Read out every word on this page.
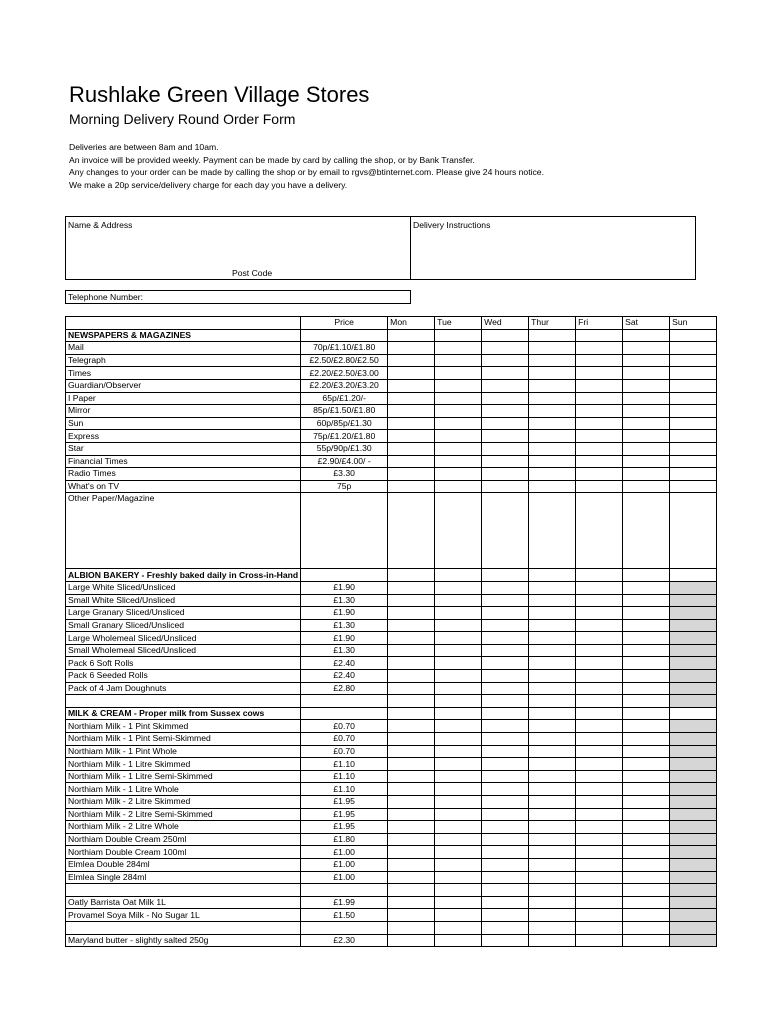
Rushlake Green Village Stores
Morning Delivery Round Order Form
Deliveries are between 8am and 10am.
An invoice will be provided weekly. Payment can be made by card by calling the shop, or by Bank Transfer.
Any changes to your order can be made by calling the shop or by email to rgvs@btinternet.com. Please give 24 hours notice.
We make a 20p service/delivery charge for each day you have a delivery.
Name & Address
Post Code
Delivery Instructions
Telephone Number:
	Price	Mon	Tue	Wed	Thur	Fri	Sat	Sun
NEWSPAPERS & MAGAZINES								
Mail	70p/£1.10/£1.80							
Telegraph	£2.50/£2.80/£2.50							
Times	£2.20/£2.50/£3.00							
Guardian/Observer	£2.20/£3.20/£3.20							
I Paper	65p/£1.20/-							
Mirror	85p/£1.50/£1.80							
Sun	60p/85p/£1.30							
Express	75p/£1.20/£1.80							
Star	55p/90p/£1.30							
Financial Times	£2.90/£4.00/ -							
Radio Times	£3.30							
What's on TV	75p							
Other Paper/Magazine								
ALBION BAKERY - Freshly baked daily in Cross-in-Hand								
Large White Sliced/Unsliced	£1.90							
Small White Sliced/Unsliced	£1.30							
Large Granary Sliced/Unsliced	£1.90							
Small Granary Sliced/Unsliced	£1.30							
Large Wholemeal Sliced/Unsliced	£1.90							
Small Wholemeal Sliced/Unsliced	£1.30							
Pack 6 Soft Rolls	£2.40							
Pack 6 Seeded Rolls	£2.40							
Pack of 4 Jam Doughnuts	£2.80							

MILK & CREAM - Proper milk from Sussex cows								
Northiam Milk - 1 Pint Skimmed	£0.70							
Northiam Milk - 1 Pint Semi-Skimmed	£0.70							
Northiam Milk - 1 Pint Whole	£0.70							
Northiam Milk - 1 Litre Skimmed	£1.10							
Northiam Milk - 1 Litre Semi-Skimmed	£1.10							
Northiam Milk - 1 Litre Whole	£1.10							
Northiam Milk - 2 Litre Skimmed	£1.95							
Northiam Milk - 2 Litre Semi-Skimmed	£1.95							
Northiam Milk - 2 Litre Whole	£1.95							
Northiam Double Cream 250ml	£1.80							
Northiam Double Cream 100ml	£1.00							
Elmlea Double 284ml	£1.00							
Elmlea Single 284ml	£1.00							

Oatly Barrista Oat Milk 1L	£1.99							
Provamel Soya Milk - No Sugar 1L	£1.50							

Maryland butter - slightly salted 250g	£2.30							
